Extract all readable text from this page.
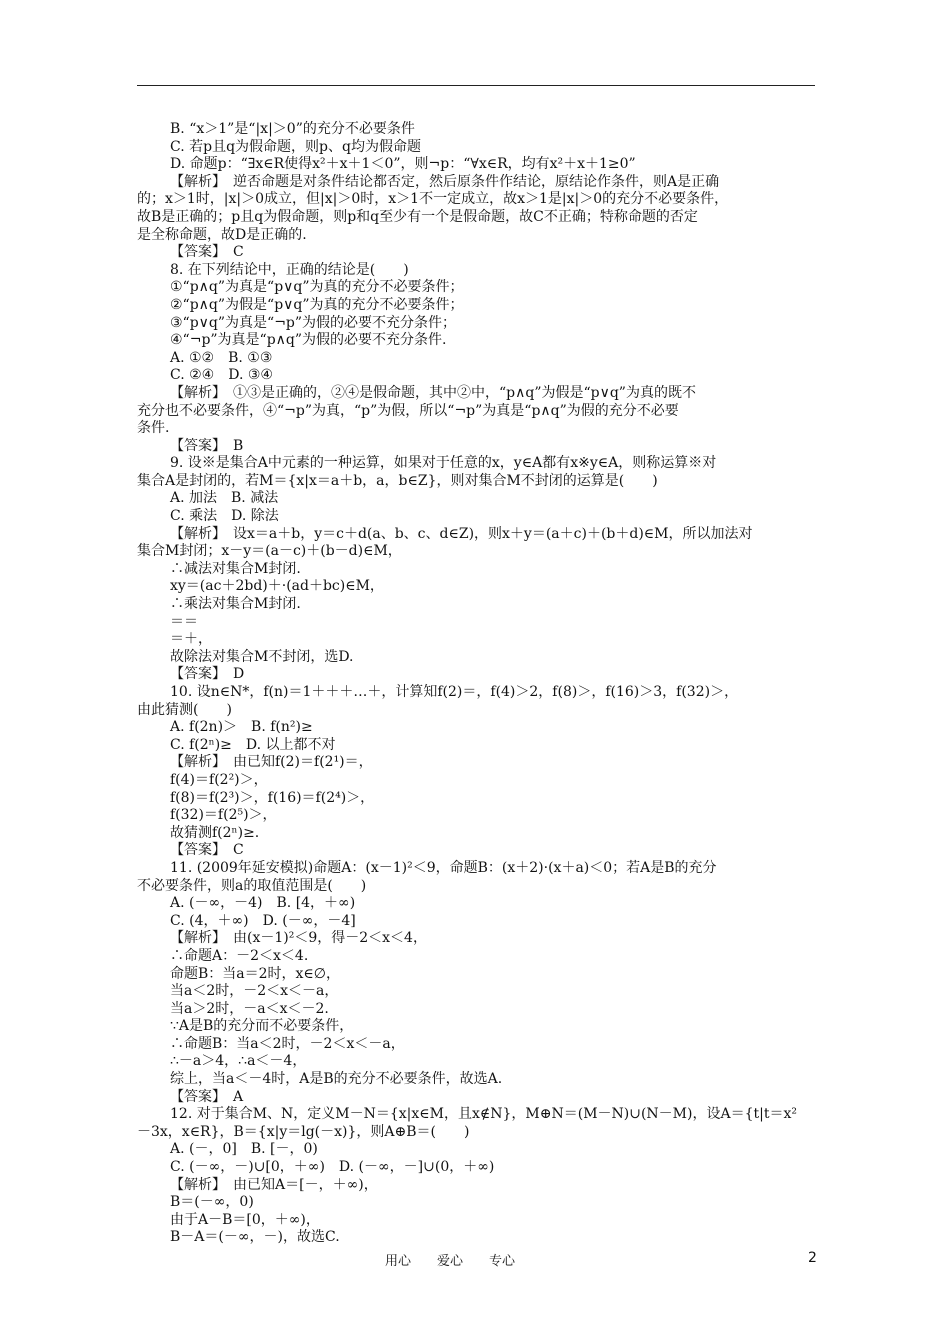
B. “x＞1”是“|x|＞0”的充分不必要条件
C. 若p且q为假命题，则p、q均为假命题
D. 命题p：“∃x∈R使得x²＋x＋1＜0”，则¬p：“∀x∈R，均有x²＋x＋1≥0”
【解析】　逆否命题是对条件结论都否定，然后原条件作结论，原结论作条件，则A是正确
的；x＞1时，|x|＞0成立，但|x|＞0时，x＞1不一定成立，故x＞1是|x|＞0的充分不必要条件，
故B是正确的；p且q为假命题，则p和q至少有一个是假命题，故C不正确；特称命题的否定
是全称命题，故D是正确的.
【答案】　C
8. 在下列结论中，正确的结论是(　　)
①“p∧q”为真是“p∨q”为真的充分不必要条件；
②“p∧q”为假是“p∨q”为真的充分不必要条件；
③“p∨q”为真是“¬p”为假的必要不充分条件；
④“¬p”为真是“p∧q”为假的必要不充分条件.
A. ①②　B. ①③
C. ②④　D. ③④
【解析】　①③是正确的，②④是假命题，其中②中，“p∧q”为假是“p∨q”为真的既不
充分也不必要条件，④“¬p”为真，“p”为假，所以“¬p”为真是“p∧q”为假的充分不必要
条件.
【答案】　B
9. 设※是集合A中元素的一种运算，如果对于任意的x，y∈A都有x※y∈A，则称运算※对
集合A是封闭的，若M＝{x|x＝a＋b，a，b∈Z}，则对集合M不封闭的运算是(　　)
A. 加法　B. 减法
C. 乘法　D. 除法
【解析】　设x＝a＋b，y＝c＋d(a、b、c、d∈Z)，则x＋y＝(a＋c)＋(b＋d)∈M，所以加法对
集合M封闭；x－y＝(a－c)＋(b－d)∈M，
∴减法对集合M封闭.
xy＝(ac＋2bd)＋·(ad＋bc)∈M，
∴乘法对集合M封闭.
＝＝
＝＋，
故除法对集合M不封闭，选D.
【答案】　D
10. 设n∈N*，f(n)＝1＋＋＋…＋，计算知f(2)＝，f(4)＞2，f(8)＞，f(16)＞3，f(32)＞，
由此猜测(　　)
A. f(2n)＞　B. f(n²)≥
C. f(2ⁿ)≥　D. 以上都不对
【解析】　由已知f(2)＝f(2¹)＝，
f(4)＝f(2²)＞，
f(8)＝f(2³)＞，f(16)＝f(2⁴)＞，
f(32)＝f(2⁵)＞，
故猜测f(2ⁿ)≥.
【答案】　C
11. (2009年延安模拟)命题A：(x－1)²＜9，命题B：(x＋2)·(x＋a)＜0；若A是B的充分
不必要条件，则a的取值范围是(　　)
A. (－∞，－4)　B. [4，＋∞)
C. (4，＋∞)　D. (－∞，－4]
【解析】　由(x－1)²＜9，得－2＜x＜4，
∴命题A：－2＜x＜4.
命题B：当a＝2时，x∈∅，
当a＜2时，－2＜x＜－a，
当a＞2时，－a＜x＜－2.
∵A是B的充分而不必要条件，
∴命题B：当a＜2时，－2＜x＜－a，
∴－a＞4，∴a＜－4，
综上，当a＜－4时，A是B的充分不必要条件，故选A.
【答案】　A
12. 对于集合M、N，定义M－N＝{x|x∈M，且x∉N}，M⊕N＝(M－N)∪(N－M)，设A＝{t|t＝x²
－3x，x∈R}，B＝{x|y＝lg(－x)}，则A⊕B＝(　　)
A. (－，0]　B. [－，0)
C. (－∞，－)∪[0，＋∞)　D. (－∞，－]∪(0，＋∞)
【解析】　由已知A＝[－，＋∞)，
B＝(－∞，0)
由于A－B＝[0，＋∞)，
B－A＝(－∞，－)，故选C.
用心　　爱心　　专心	2
